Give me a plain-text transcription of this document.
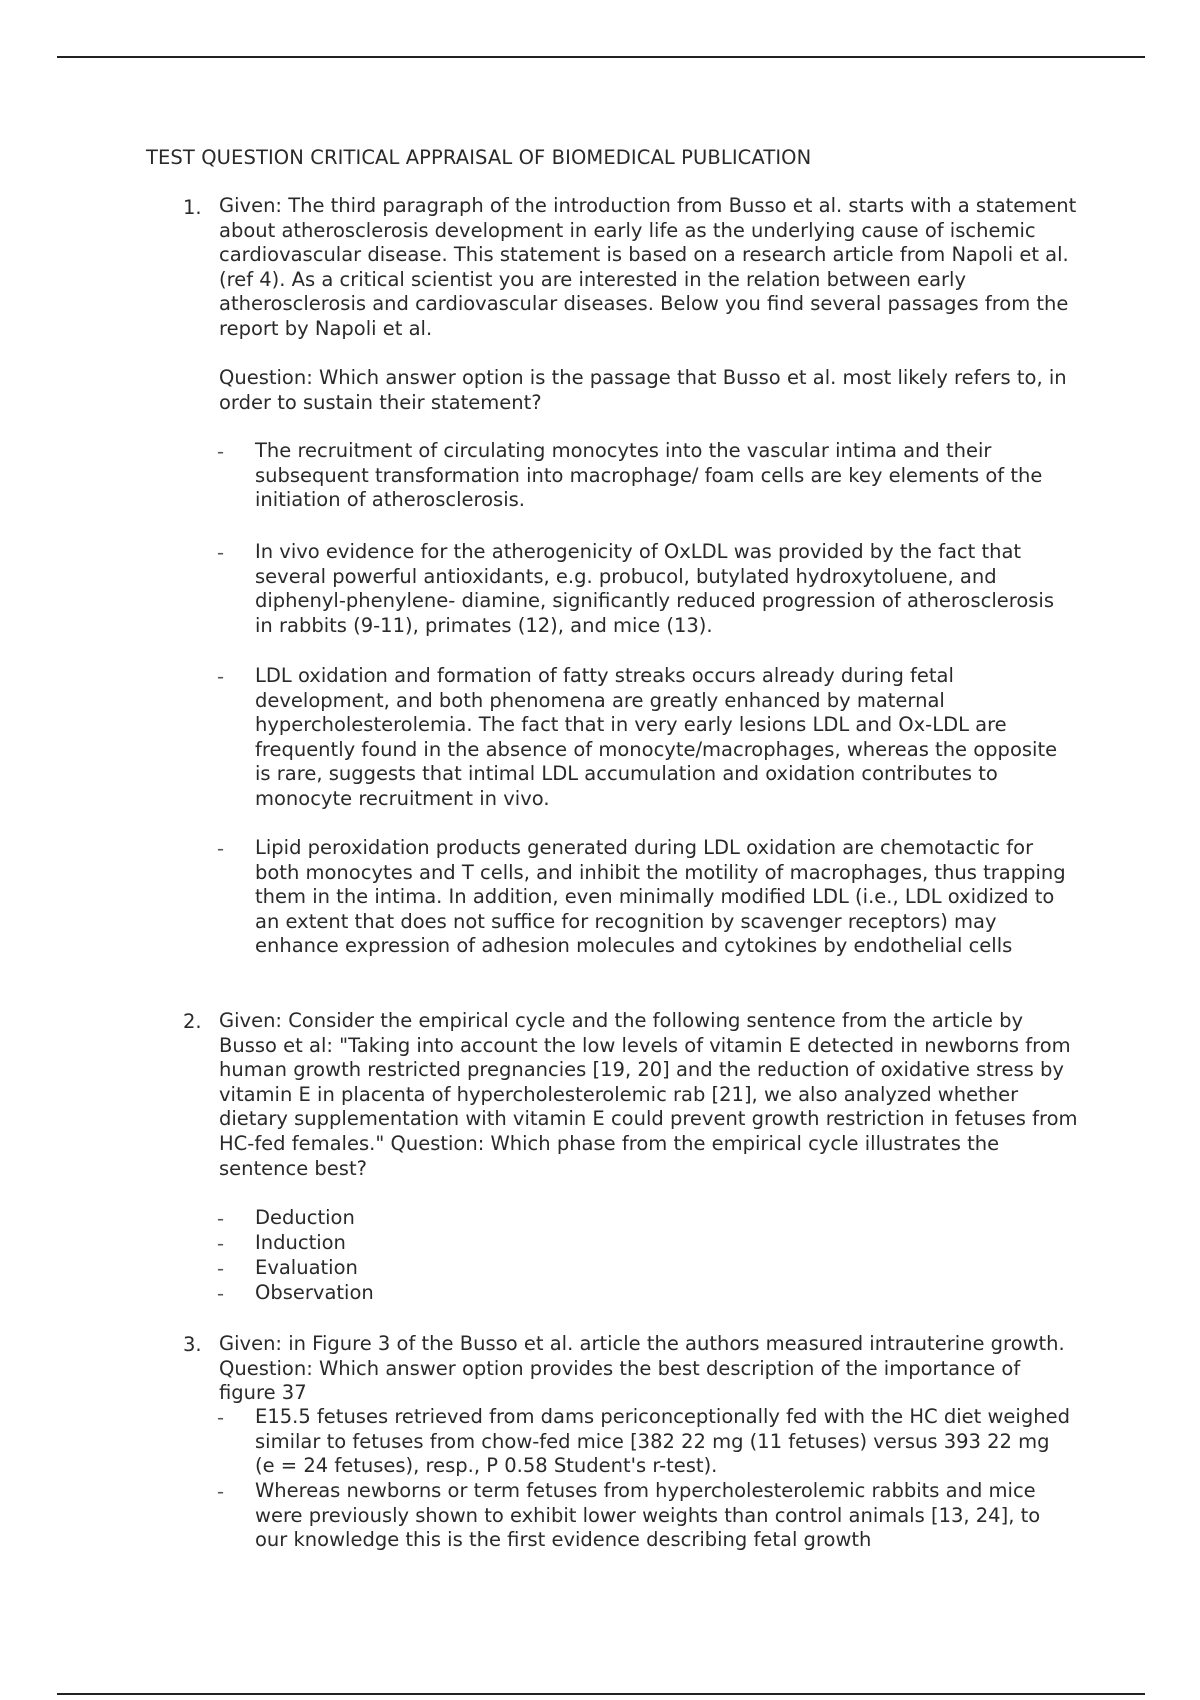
TEST QUESTION CRITICAL APPRAISAL OF BIOMEDICAL PUBLICATION
1. Given: The third paragraph of the introduction from Busso et al. starts with a statement about atherosclerosis development in early life as the underlying cause of ischemic cardiovascular disease. This statement is based on a research article from Napoli et al. (ref 4). As a critical scientist you are interested in the relation between early atherosclerosis and cardiovascular diseases. Below you find several passages from the report by Napoli et al.

Question: Which answer option is the passage that Busso et al. most likely refers to, in order to sustain their statement?

- The recruitment of circulating monocytes into the vascular intima and their subsequent transformation into macrophage/ foam cells are key elements of the initiation of atherosclerosis.
- In vivo evidence for the atherogenicity of OxLDL was provided by the fact that several powerful antioxidants, e.g. probucol, butylated hydroxytoluene, and diphenyl-phenylene- diamine, significantly reduced progression of atherosclerosis in rabbits (9-11), primates (12), and mice (13).
- LDL oxidation and formation of fatty streaks occurs already during fetal development, and both phenomena are greatly enhanced by maternal hypercholesterolemia. The fact that in very early lesions LDL and Ox-LDL are frequently found in the absence of monocyte/macrophages, whereas the opposite is rare, suggests that intimal LDL accumulation and oxidation contributes to monocyte recruitment in vivo.
- Lipid peroxidation products generated during LDL oxidation are chemotactic for both monocytes and T cells, and inhibit the motility of macrophages, thus trapping them in the intima. In addition, even minimally modified LDL (i.e., LDL oxidized to an extent that does not suffice for recognition by scavenger receptors) may enhance expression of adhesion molecules and cytokines by endothelial cells
2. Given: Consider the empirical cycle and the following sentence from the article by Busso et al: "Taking into account the low levels of vitamin E detected in newborns from human growth restricted pregnancies [19, 20] and the reduction of oxidative stress by vitamin E in placenta of hypercholesterolemic rab [21], we also analyzed whether dietary supplementation with vitamin E could prevent growth restriction in fetuses from HC-fed females." Question: Which phase from the empirical cycle illustrates the sentence best?

- Deduction
- Induction
- Evaluation
- Observation
3. Given: in Figure 3 of the Busso et al. article the authors measured intrauterine growth. Question: Which answer option provides the best description of the importance of figure 37

- E15.5 fetuses retrieved from dams periconceptionally fed with the HC diet weighed similar to fetuses from chow-fed mice [382 22 mg (11 fetuses) versus 393 22 mg (e = 24 fetuses), resp., P 0.58 Student's r-test).
- Whereas newborns or term fetuses from hypercholesterolemic rabbits and mice were previously shown to exhibit lower weights than control animals [13, 24], to our knowledge this is the first evidence describing fetal growth
